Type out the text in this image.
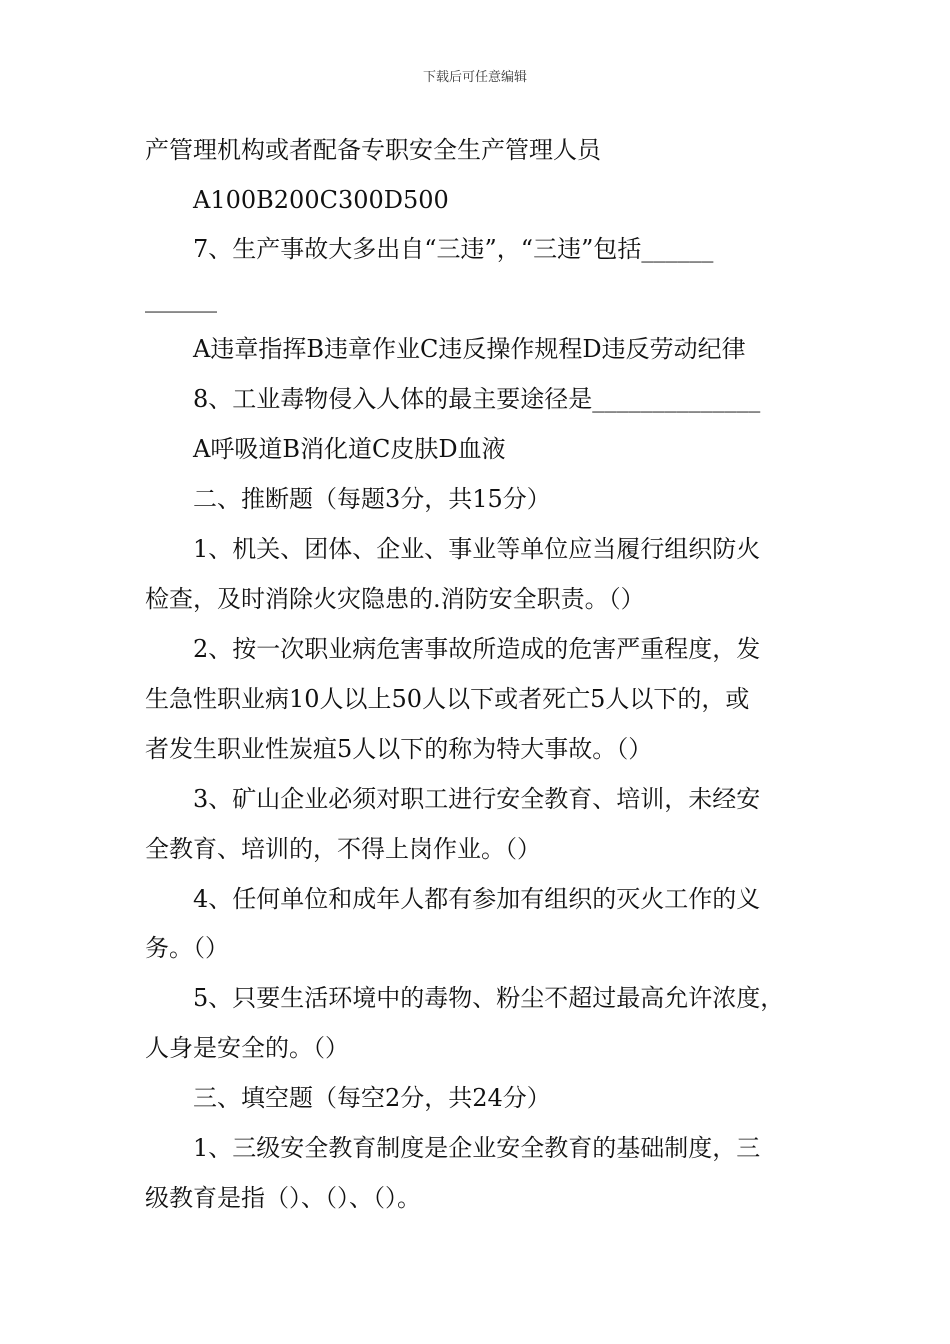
下载后可任意编辑
产管理机构或者配备专职安全生产管理人员
A100B200C300D500
7、生产事故大多出自“三违”，“三违”包括______
______
A违章指挥B违章作业C违反操作规程D违反劳动纪律
8、工业毒物侵入人体的最主要途径是______________
A呼吸道B消化道C皮肤D血液
二、推断题（每题3分，共15分）
1、机关、团体、企业、事业等单位应当履行组织防火
检查，及时消除火灾隐患的.消防安全职责。（）
2、按一次职业病危害事故所造成的危害严重程度，发
生急性职业病10人以上50人以下或者死亡5人以下的，或
者发生职业性炭疽5人以下的称为特大事故。（）
3、矿山企业必须对职工进行安全教育、培训，未经安
全教育、培训的，不得上岗作业。（）
4、任何单位和成年人都有参加有组织的灭火工作的义
务。（）
5、只要生活环境中的毒物、粉尘不超过最高允许浓度，
人身是安全的。（）
三、填空题（每空2分，共24分）
1、三级安全教育制度是企业安全教育的基础制度，三
级教育是指（）、（）、（）。
